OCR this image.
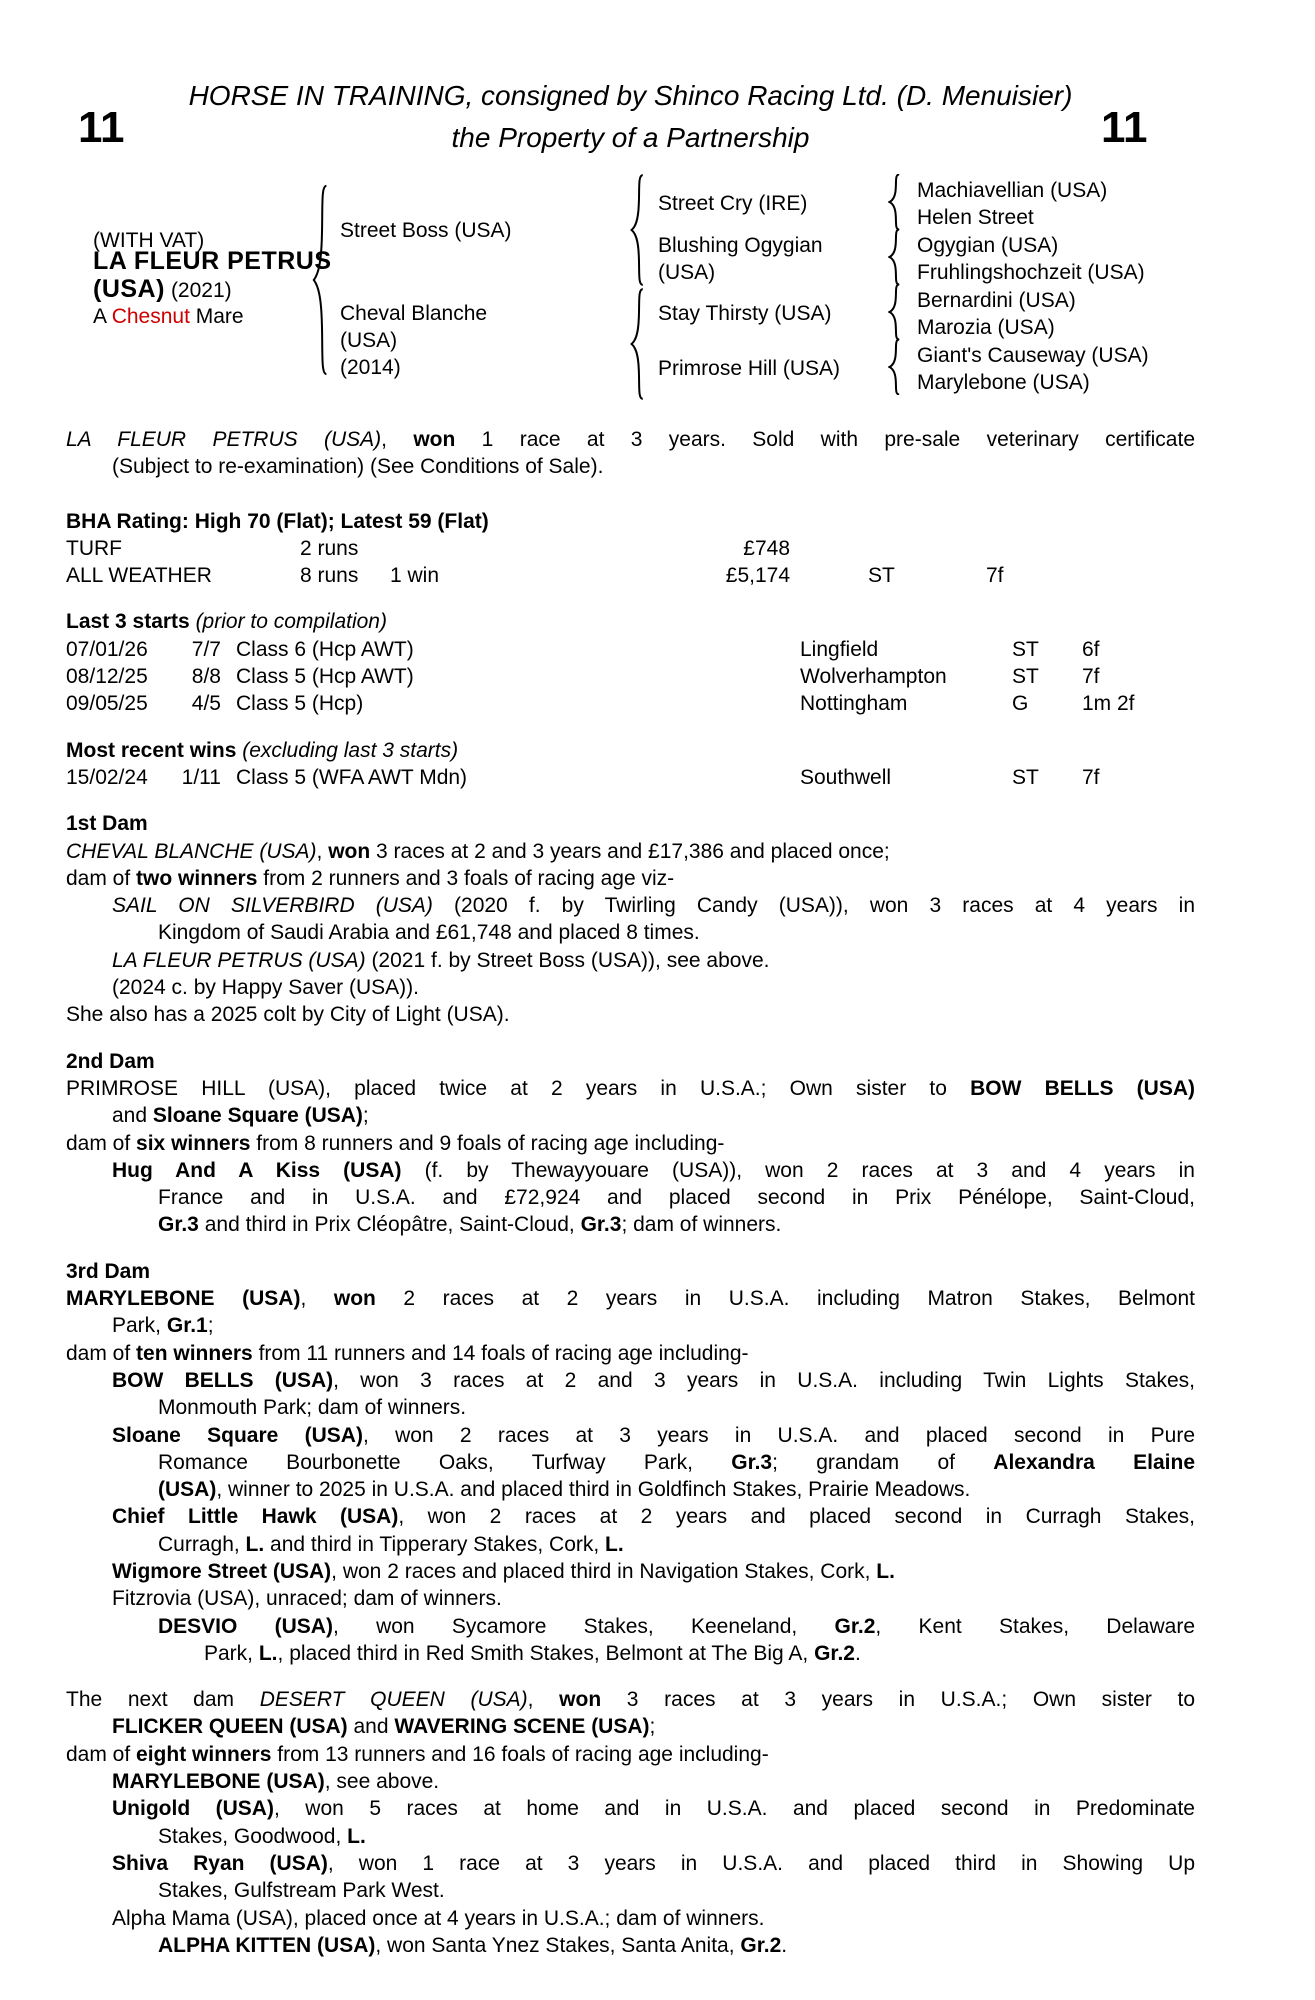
HORSE IN TRAINING, consigned by Shinco Racing Ltd. (D. Menuisier)
11	11
the Property of a Partnership
(WITH VAT)
LA FLEUR PETRUS
(USA) (2021)
A Chesnut Mare
Street Boss (USA)
Cheval Blanche
(USA)
(2014)
Street Cry (IRE)
Blushing Ogygian
(USA)
Stay Thirsty (USA)
Primrose Hill (USA)
Machiavellian (USA)
Helen Street
Ogygian (USA)
Fruhlingshochzeit (USA)
Bernardini (USA)
Marozia (USA)
Giant's Causeway (USA)
Marylebone (USA)
LA FLEUR PETRUS (USA), won 1 race at 3 years. Sold with pre-sale veterinary certificate
(Subject to re-examination) (See Conditions of Sale).
BHA Rating: High 70 (Flat); Latest 59 (Flat)
TURF	2 runs	£748
ALL WEATHER	8 runs 1 win	£5,174	ST	7f
Last 3 starts (prior to compilation)
07/01/26	7/7 Class 6 (Hcp AWT)	Lingfield	ST 6f
08/12/25	8/8 Class 5 (Hcp AWT)	Wolverhampton	ST 7f
09/05/25	4/5 Class 5 (Hcp)	Nottingham	G	1m 2f
Most recent wins (excluding last 3 starts)
15/02/24	1/11 Class 5 (WFA AWT Mdn)	Southwell	ST 7f
1st Dam
CHEVAL BLANCHE (USA), won 3 races at 2 and 3 years and £17,386 and placed once;
dam of two winners from 2 runners and 3 foals of racing age viz-
SAIL ON SILVERBIRD (USA) (2020 f. by Twirling Candy (USA)), won 3 races at 4 years in
Kingdom of Saudi Arabia and £61,748 and placed 8 times.
LA FLEUR PETRUS (USA) (2021 f. by Street Boss (USA)), see above.
(2024 c. by Happy Saver (USA)).
She also has a 2025 colt by City of Light (USA).
2nd Dam
PRIMROSE HILL (USA), placed twice at 2 years in U.S.A.; Own sister to BOW BELLS (USA)
and Sloane Square (USA);
dam of six winners from 8 runners and 9 foals of racing age including-
Hug And A Kiss (USA) (f. by Thewayyouare (USA)), won 2 races at 3 and 4 years in
France and in U.S.A. and £72,924 and placed second in Prix Pénélope, Saint-Cloud,
Gr.3 and third in Prix Cléopâtre, Saint-Cloud, Gr.3; dam of winners.
3rd Dam
MARYLEBONE (USA), won 2 races at 2 years in U.S.A. including Matron Stakes, Belmont
Park, Gr.1;
dam of ten winners from 11 runners and 14 foals of racing age including-
BOW BELLS (USA), won 3 races at 2 and 3 years in U.S.A. including Twin Lights Stakes,
Monmouth Park; dam of winners.
Sloane Square (USA), won 2 races at 3 years in U.S.A. and placed second in Pure
Romance Bourbonette Oaks, Turfway Park, Gr.3; grandam of Alexandra Elaine
(USA), winner to 2025 in U.S.A. and placed third in Goldfinch Stakes, Prairie Meadows.
Chief Little Hawk (USA), won 2 races at 2 years and placed second in Curragh Stakes,
Curragh, L. and third in Tipperary Stakes, Cork, L.
Wigmore Street (USA), won 2 races and placed third in Navigation Stakes, Cork, L.
Fitzrovia (USA), unraced; dam of winners.
DESVIO (USA), won Sycamore Stakes, Keeneland, Gr.2, Kent Stakes, Delaware
Park, L., placed third in Red Smith Stakes, Belmont at The Big A, Gr.2.
The next dam DESERT QUEEN (USA), won 3 races at 3 years in U.S.A.; Own sister to
FLICKER QUEEN (USA) and WAVERING SCENE (USA);
dam of eight winners from 13 runners and 16 foals of racing age including-
MARYLEBONE (USA), see above.
Unigold (USA), won 5 races at home and in U.S.A. and placed second in Predominate
Stakes, Goodwood, L.
Shiva Ryan (USA), won 1 race at 3 years in U.S.A. and placed third in Showing Up
Stakes, Gulfstream Park West.
Alpha Mama (USA), placed once at 4 years in U.S.A.; dam of winners.
ALPHA KITTEN (USA), won Santa Ynez Stakes, Santa Anita, Gr.2.
